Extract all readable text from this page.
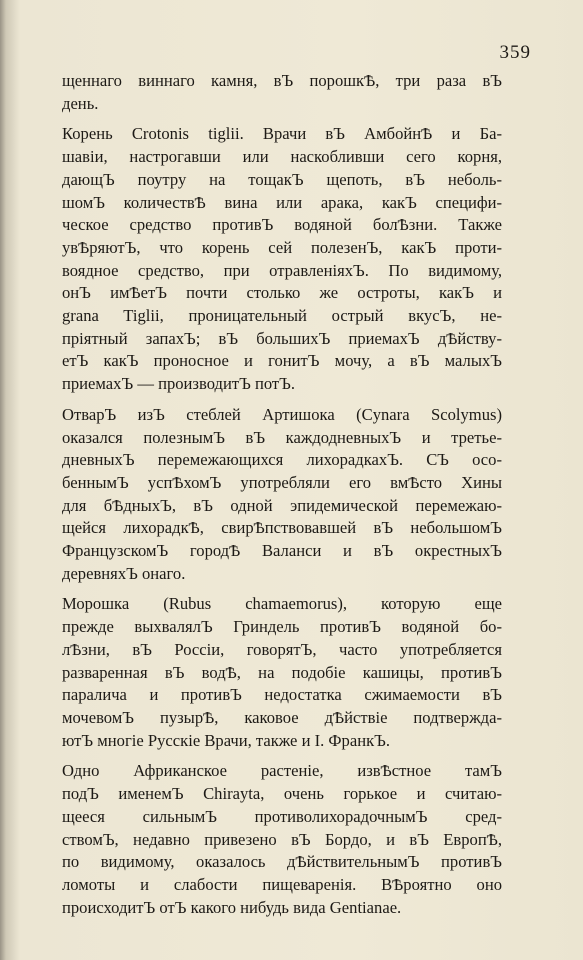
359
щеннаго виннаго камня, вЪ порошкѢ, три раза вЪ
день.
Корень Crotonis tiglii. Врачи вЪ АмбойнѢ и Ба-
шавіи, настрогавши или наскобливши сего корня,
дающЪ поутру на тощакЪ щепоть, вЪ неболь-
шомЪ количествѢ вина или арака, какЪ специфи-
ческое средство противЪ водяной болѢзни. Также
увѢряютЪ, что корень сей полезенЪ, какЪ проти-
воядное средство, при отравленіяхЪ. По видимому,
онЪ имѢетЪ почти столько же остроты, какЪ и
grana Tiglii, проницательный острый вкусЪ, не-
пріятный запахЪ; вЪ большихЪ приемахЪ дѢйству-
етЪ какЪ проносное и гонитЪ мочу, а вЪ малыхЪ
приемахЪ — производитЪ потЪ.
ОтварЪ изЪ стеблей Артишока (Cynara Scolymus)
оказался полезнымЪ вЪ каждодневныхЪ и третье-
дневныхЪ перемежающихся лихорадкахЪ. СЪ осо-
беннымЪ успѢхомЪ употребляли его вмѢсто Хины
для бѢдныхЪ, вЪ одной эпидемической перемежаю-
щейся лихорадкѢ, свирѢпствовавшей вЪ небольшомЪ
ФранцузскомЪ городѢ Валанси и вЪ окрестныхЪ
деревняхЪ онаго.
Морошка (Rubus chamaemorus), которую еще
прежде выхвалялЪ Гриндель противЪ водяной бо-
лѢзни, вЪ Россіи, говорятЪ, часто употребляется
разваренная вЪ водѢ, на подобіе кашицы, противЪ
паралича и противЪ недостатка сжимаемости вЪ
мочевомЪ пузырѢ, каковое дѢйствіе подтвержда-
ютЪ многіе Русскіе Врачи, также и I. ФранкЪ.
Одно Африканское растеніе, извѢстное тамЪ
подЪ именемЪ Chirayta, очень горькое и считаю-
щееся сильнымЪ противолихорадочнымЪ сред-
ствомЪ, недавно привезено вЪ Бордо, и вЪ ЕвропѢ,
по видимому, оказалось дѢйствительнымЪ противЪ
ломоты и слабости пищеваренія. ВѢроятно оно
происходитЪ отЪ какого нибудь вида Gentianae.
